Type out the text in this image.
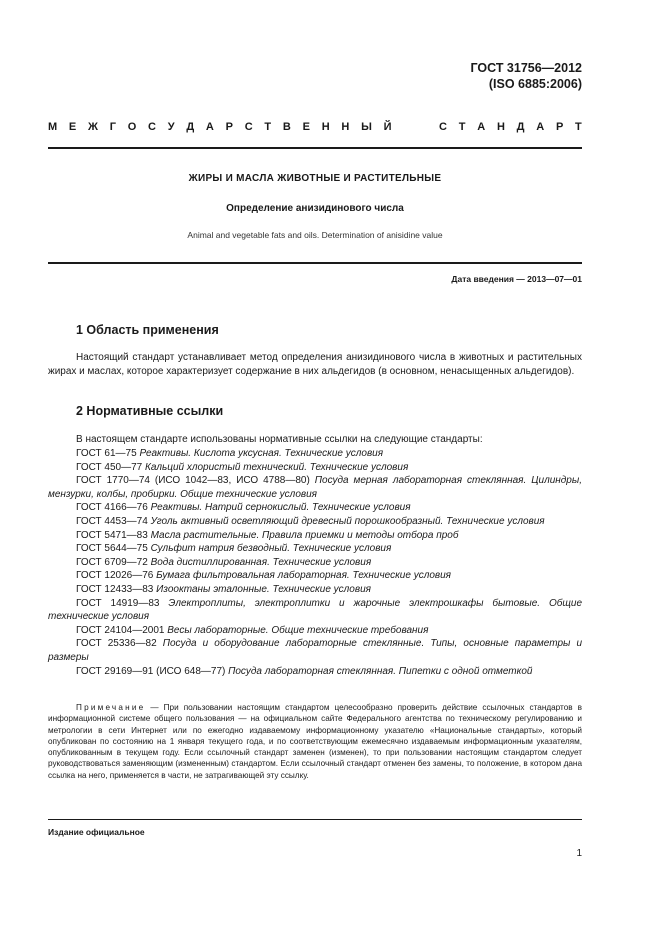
ГОСТ 31756—2012
(ISO 6885:2006)
М Е Ж Г О С У Д А Р С Т В Е Н Н Ы Й	С Т А Н Д А Р Т
ЖИРЫ И МАСЛА ЖИВОТНЫЕ И РАСТИТЕЛЬНЫЕ
Определение анизидинового числа
Animal and vegetable fats and oils. Determination of anisidine value
Дата введения — 2013—07—01
1 Область применения

Настоящий стандарт устанавливает метод определения анизидинового числа в животных и растительных жирах и маслах, которое характеризует содержание в них альдегидов (в основном, ненасыщенных альдегидов).

2 Нормативные ссылки

В настоящем стандарте использованы нормативные ссылки на следующие стандарты:

ГОСТ 61—75 Реактивы. Кислота уксусная. Технические условия
ГОСТ 450—77 Кальций хлористый технический. Технические условия
ГОСТ 1770—74 (ИСО 1042—83, ИСО 4788—80) Посуда мерная лабораторная стеклянная. Цилиндры, мензурки, колбы, пробирки. Общие технические условия
ГОСТ 4166—76 Реактивы. Натрий сернокислый. Технические условия
ГОСТ 4453—74 Уголь активный осветляющий древесный порошкообразный. Технические условия
ГОСТ 5471—83 Масла растительные. Правила приемки и методы отбора проб
ГОСТ 5644—75 Сульфит натрия безводный. Технические условия
ГОСТ 6709—72 Вода дистиллированная. Технические условия
ГОСТ 12026—76 Бумага фильтровальная лабораторная. Технические условия
ГОСТ 12433—83 Изооктаны эталонные. Технические условия
ГОСТ 14919—83 Электроплиты, электроплитки и жарочные электрошкафы бытовые. Общие технические условия
ГОСТ 24104—2001 Весы лабораторные. Общие технические требования
ГОСТ 25336—82 Посуда и оборудование лабораторные стеклянные. Типы, основные параметры и размеры
ГОСТ 29169—91 (ИСО 648—77) Посуда лабораторная стеклянная. Пипетки с одной отметкой

Примечание — При пользовании настоящим стандартом целесообразно проверить действие ссылочных стандартов в информационной системе общего пользования — на официальном сайте Федерального агентства по техническому регулированию и метрологии в сети Интернет или по ежегодно издаваемому информационному указателю «Национальные стандарты», который опубликован по состоянию на 1 января текущего года, и по соответствующим ежемесячно издаваемым информационным указателям, опубликованным в текущем году. Если ссылочный стандарт заменен (изменен), то при пользовании настоящим стандартом следует руководствоваться заменяющим (измененным) стандартом. Если ссылочный стандарт отменен без замены, то положение, в котором дана ссылка на него, применяется в части, не затрагивающей эту ссылку.

Издание официальное
1
